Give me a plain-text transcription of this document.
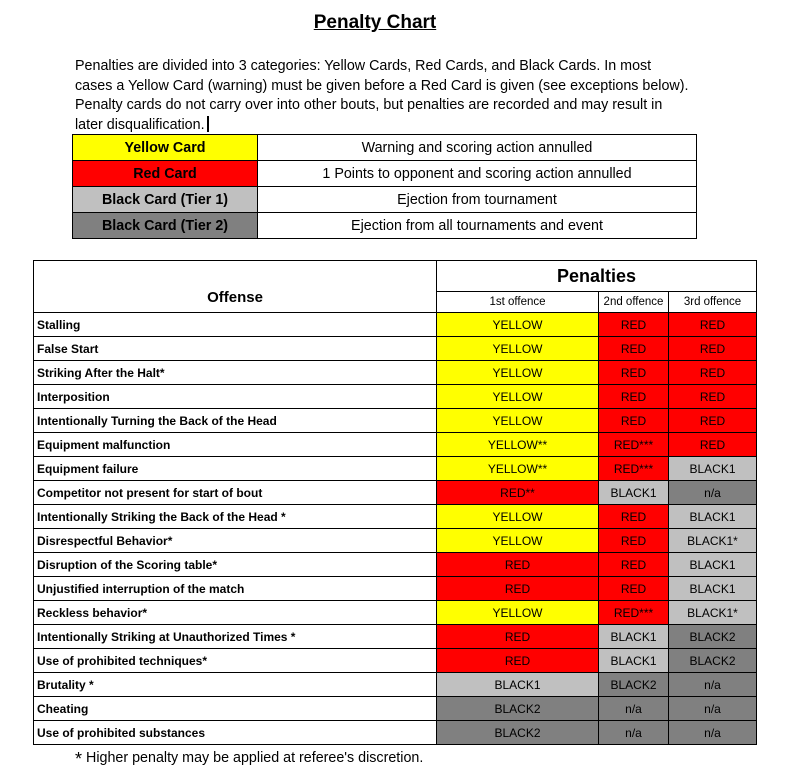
Penalty Chart
Penalties are divided into 3 categories: Yellow Cards, Red Cards, and Black Cards. In most cases a Yellow Card (warning) must be given before a Red Card is given (see exceptions below). Penalty cards do not carry over into other bouts, but penalties are recorded and may result in later disqualification.
Yellow Card	Warning and scoring action annulled
Red Card	1 Points to opponent and scoring action annulled
Black Card (Tier 1)	Ejection from tournament
Black Card (Tier 2)	Ejection from all tournaments and event
Offense	Penalties		
	1st offence	2nd offence	3rd offence
Stalling	YELLOW	RED	RED
False Start	YELLOW	RED	RED
Striking After the Halt*	YELLOW	RED	RED
Interposition	YELLOW	RED	RED
Intentionally Turning the Back of the Head	YELLOW	RED	RED
Equipment malfunction	YELLOW**	RED***	RED
Equipment failure	YELLOW**	RED***	BLACK1
Competitor not present for start of bout	RED**	BLACK1	n/a
Intentionally Striking the Back of the Head *	YELLOW	RED	BLACK1
Disrespectful Behavior*	YELLOW	RED	BLACK1*
Disruption of the Scoring table*	RED	RED	BLACK1
Unjustified interruption of the match	RED	RED	BLACK1
Reckless behavior*	YELLOW	RED***	BLACK1*
Intentionally Striking at Unauthorized Times *	RED	BLACK1	BLACK2
Use of prohibited techniques*	RED	BLACK1	BLACK2
Brutality *	BLACK1	BLACK2	n/a
Cheating	BLACK2	n/a	n/a
Use of prohibited substances	BLACK2	n/a	n/a
* Higher penalty may be applied at referee's discretion.
